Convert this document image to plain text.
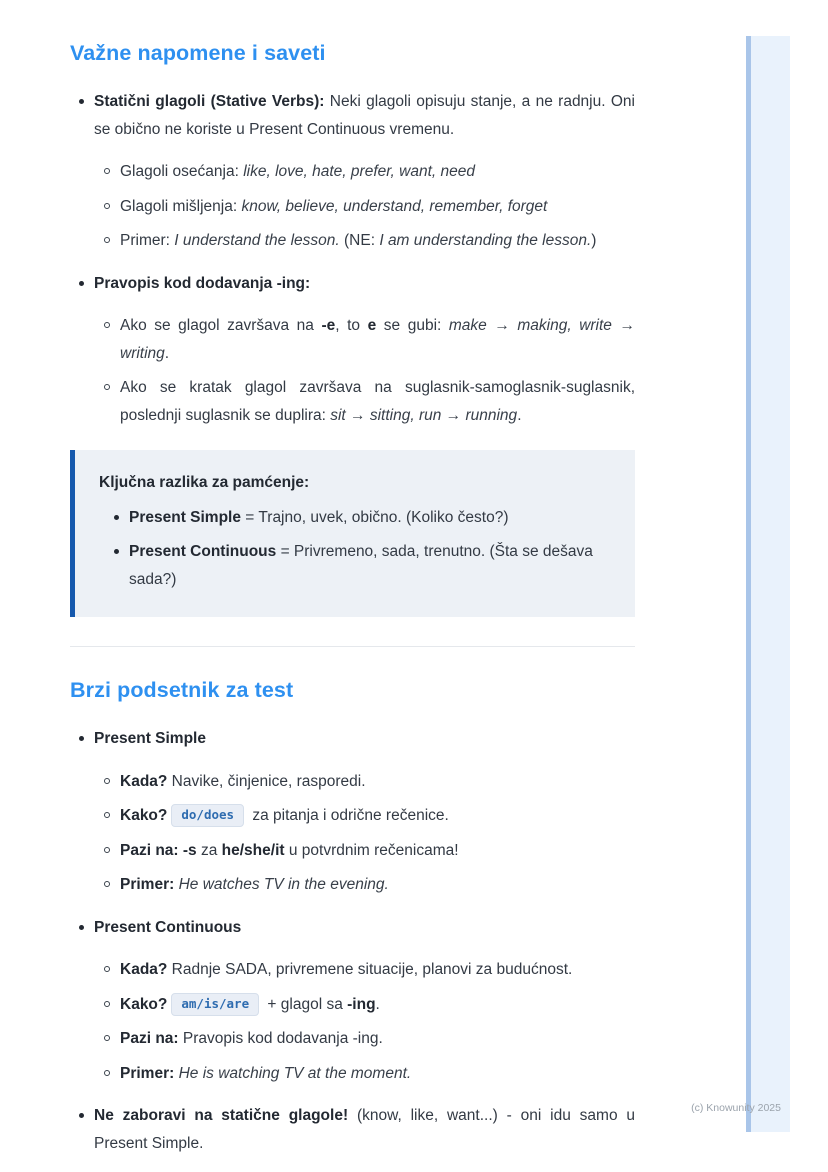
Važne napomene i saveti

Statični glagoli (Stative Verbs): Neki glagoli opisuju stanje, a ne radnju. Oni se obično ne koriste u Present Continuous vremenu.

Glagoli osećanja: like, love, hate, prefer, want, need
Glagoli mišljenja: know, believe, understand, remember, forget
Primer: I understand the lesson. (NE: I am understanding the lesson.)

Pravopis kod dodavanja -ing:

Ako se glagol završava na -e, to e se gubi: make → making, write → writing.
Ako se kratak glagol završava na suglasnik-samoglasnik-suglasnik, poslednji suglasnik se duplira: sit → sitting, run → running.
Ključna razlika za pamćenje:
Present Simple = Trajno, uvek, obično. (Koliko često?)
Present Continuous = Privremeno, sada, trenutno. (Šta se dešava sada?)
Brzi podsetnik za test

Present Simple

Kada? Navike, činjenice, rasporedi.
Kako? do/does za pitanja i odrične rečenice.
Pazi na: -s za he/she/it u potvrdnim rečenicama!
Primer: He watches TV in the evening.

Present Continuous

Kada? Radnje SADA, privremene situacije, planovi za budućnost.
Kako? am/is/are + glagol sa -ing.
Pazi na: Pravopis kod dodavanja -ing.
Primer: He is watching TV at the moment.

Ne zaboravi na statične glagole! (know, like, want...) - oni idu samo u Present Simple.

(c) Knowunity 2025
